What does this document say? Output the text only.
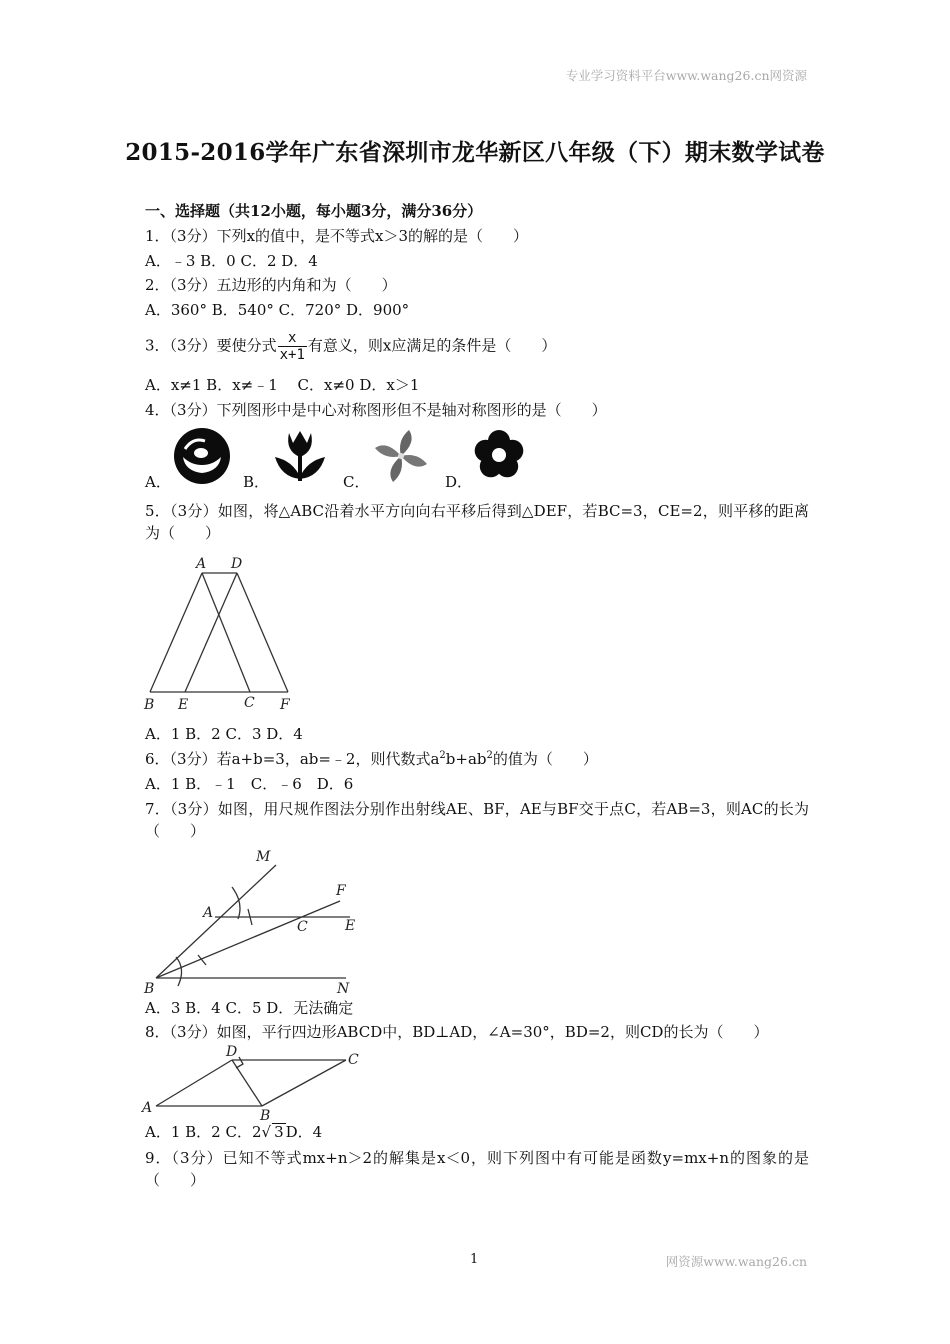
专业学习资料平台www.wang26.cn网资源
2015-2016学年广东省深圳市龙华新区八年级（下）期末数学试卷
一、选择题（共12小题，每小题3分，满分36分）
1．（3分）下列x的值中，是不等式x＞3的解的是（　　）
A．﹣3 B．0 C．2 D．4
2．（3分）五边形的内角和为（　　）
A．360° B．540° C．720° D．900°
3．（3分）要使分式 $\frac{x}{x+1}$ 有意义，则x应满足的条件是（　　）
A．x≠1 B．x≠﹣1　 C．x≠0 D．x＞1
4．（3分）下列图形中是中心对称图形但不是轴对称图形的是（　　）
A．	B．	C．	D．
5．（3分）如图，将△ABC沿着水平方向向右平移后得到△DEF，若BC=3，CE=2，则平移的距离为（　　）
A D
B E	C F
A．1 B．2 C．3 D．4
6．（3分）若a+b=3，ab=﹣2，则代数式$a^2b+ab^2$的值为（　　）
A．1 B．﹣1　C．﹣6　D．6
7．（3分）如图，用尺规作图法分别作出射线AE、BF，AE与BF交于点C，若AB=3，则AC的长为（　　）
M
F
A
C	E
B	N
A．3 B．4 C．5 D．无法确定
8．（3分）如图，平行四边形ABCD中，BD⊥AD，∠A=30°，BD=2，则CD的长为（　　）
D	C
A	B
A．1 B．2 C．2√ 3 D．4
9．（3分）已知不等式mx+n＞2的解集是x＜0，则下列图中有可能是函数y=mx+n的图象的是（　　）
1	网资源www.wang26.cn
